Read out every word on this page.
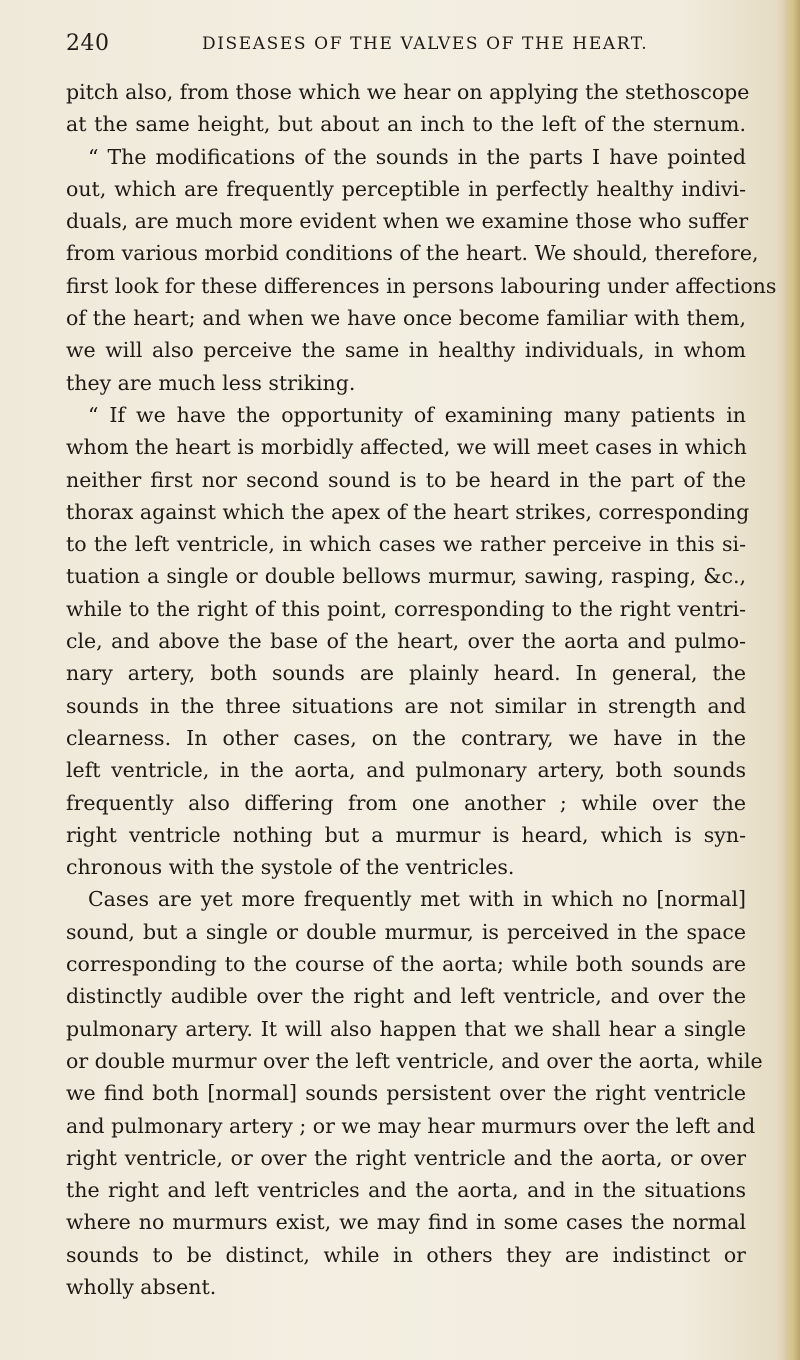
240	DISEASES OF THE VALVES OF THE HEART.
pitch also, from those which we hear on applying the stethoscope
at the same height, but about an inch to the left of the sternum.
“ The modifications of the sounds in the parts I have pointed
out, which are frequently perceptible in perfectly healthy indivi-
duals, are much more evident when we examine those who suffer
from various morbid conditions of the heart. We should, therefore,
first look for these differences in persons labouring under affections
of the heart; and when we have once become familiar with them,
we will also perceive the same in healthy individuals, in whom
they are much less striking.
“ If we have the opportunity of examining many patients in
whom the heart is morbidly affected, we will meet cases in which
neither first nor second sound is to be heard in the part of the
thorax against which the apex of the heart strikes, corresponding
to the left ventricle, in which cases we rather perceive in this si-
tuation a single or double bellows murmur, sawing, rasping, &c.,
while to the right of this point, corresponding to the right ventri-
cle, and above the base of the heart, over the aorta and pulmo-
nary artery, both sounds are plainly heard. In general, the
sounds in the three situations are not similar in strength and
clearness. In other cases, on the contrary, we have in the
left ventricle, in the aorta, and pulmonary artery, both sounds
frequently also differing from one another ; while over the
right ventricle nothing but a murmur is heard, which is syn-
chronous with the systole of the ventricles.
Cases are yet more frequently met with in which no [normal]
sound, but a single or double murmur, is perceived in the space
corresponding to the course of the aorta; while both sounds are
distinctly audible over the right and left ventricle, and over the
pulmonary artery. It will also happen that we shall hear a single
or double murmur over the left ventricle, and over the aorta, while
we find both [normal] sounds persistent over the right ventricle
and pulmonary artery ; or we may hear murmurs over the left and
right ventricle, or over the right ventricle and the aorta, or over
the right and left ventricles and the aorta, and in the situations
where no murmurs exist, we may find in some cases the normal
sounds to be distinct, while in others they are indistinct or
wholly absent.
